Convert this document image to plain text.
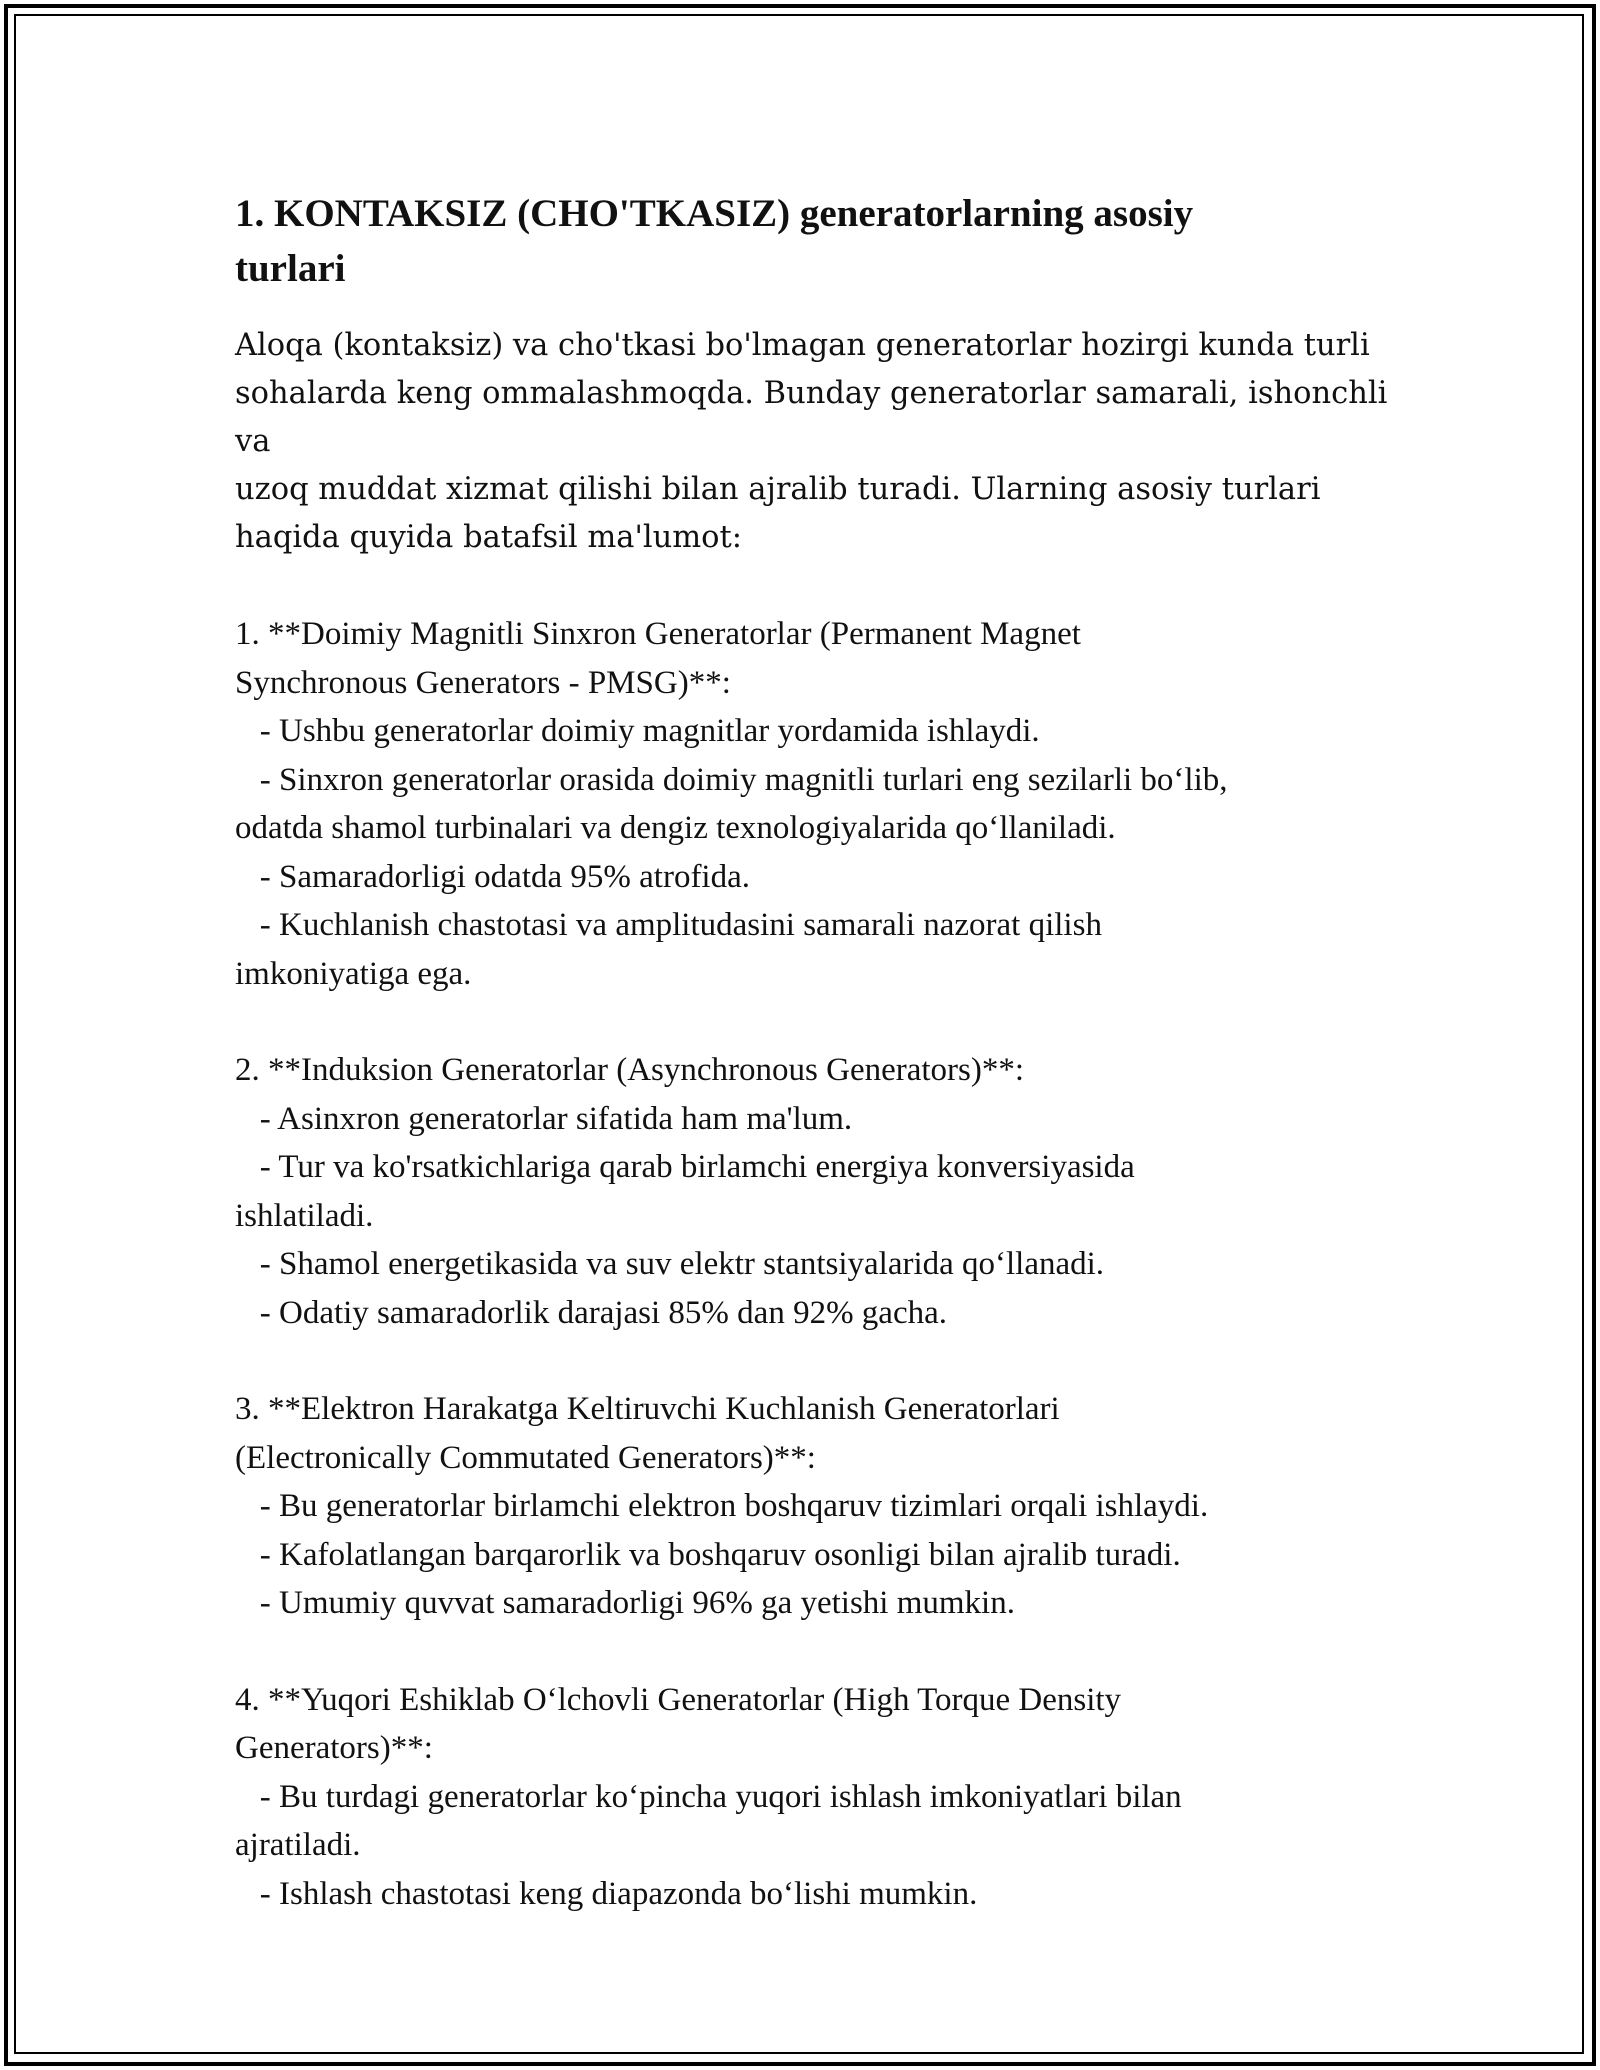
1. KONTAKSIZ (CHO'TKASIZ) generatorlarning asosiy
turlari

Aloqa (kontaksiz) va cho'tkasi bo'lmagan generatorlar hozirgi kunda turli
sohalarda keng ommalashmoqda. Bunday generatorlar samarali, ishonchli va
uzoq muddat xizmat qilishi bilan ajralib turadi. Ularning asosiy turlari
haqida quyida batafsil ma'lumot:

1. **Doimiy Magnitli Sinxron Generatorlar (Permanent Magnet
Synchronous Generators - PMSG)**:
- Ushbu generatorlar doimiy magnitlar yordamida ishlaydi.
- Sinxron generatorlar orasida doimiy magnitli turlari eng sezilarli bo‘lib,
odatda shamol turbinalari va dengiz texnologiyalarida qo‘llaniladi.
- Samaradorligi odatda 95% atrofida.
- Kuchlanish chastotasi va amplitudasini samarali nazorat qilish
imkoniyatiga ega.
2. **Induksion Generatorlar (Asynchronous Generators)**:
- Asinxron generatorlar sifatida ham ma'lum.
- Tur va ko'rsatkichlariga qarab birlamchi energiya konversiyasida
ishlatiladi.
- Shamol energetikasida va suv elektr stantsiyalarida qo‘llanadi.
- Odatiy samaradorlik darajasi 85% dan 92% gacha.
3. **Elektron Harakatga Keltiruvchi Kuchlanish Generatorlari
(Electronically Commutated Generators)**:
- Bu generatorlar birlamchi elektron boshqaruv tizimlari orqali ishlaydi.
- Kafolatlangan barqarorlik va boshqaruv osonligi bilan ajralib turadi.
- Umumiy quvvat samaradorligi 96% ga yetishi mumkin.
4. **Yuqori Eshiklab O‘lchovli Generatorlar (High Torque Density
Generators)**:
- Bu turdagi generatorlar ko‘pincha yuqori ishlash imkoniyatlari bilan
ajratiladi.
- Ishlash chastotasi keng diapazonda bo‘lishi mumkin.
